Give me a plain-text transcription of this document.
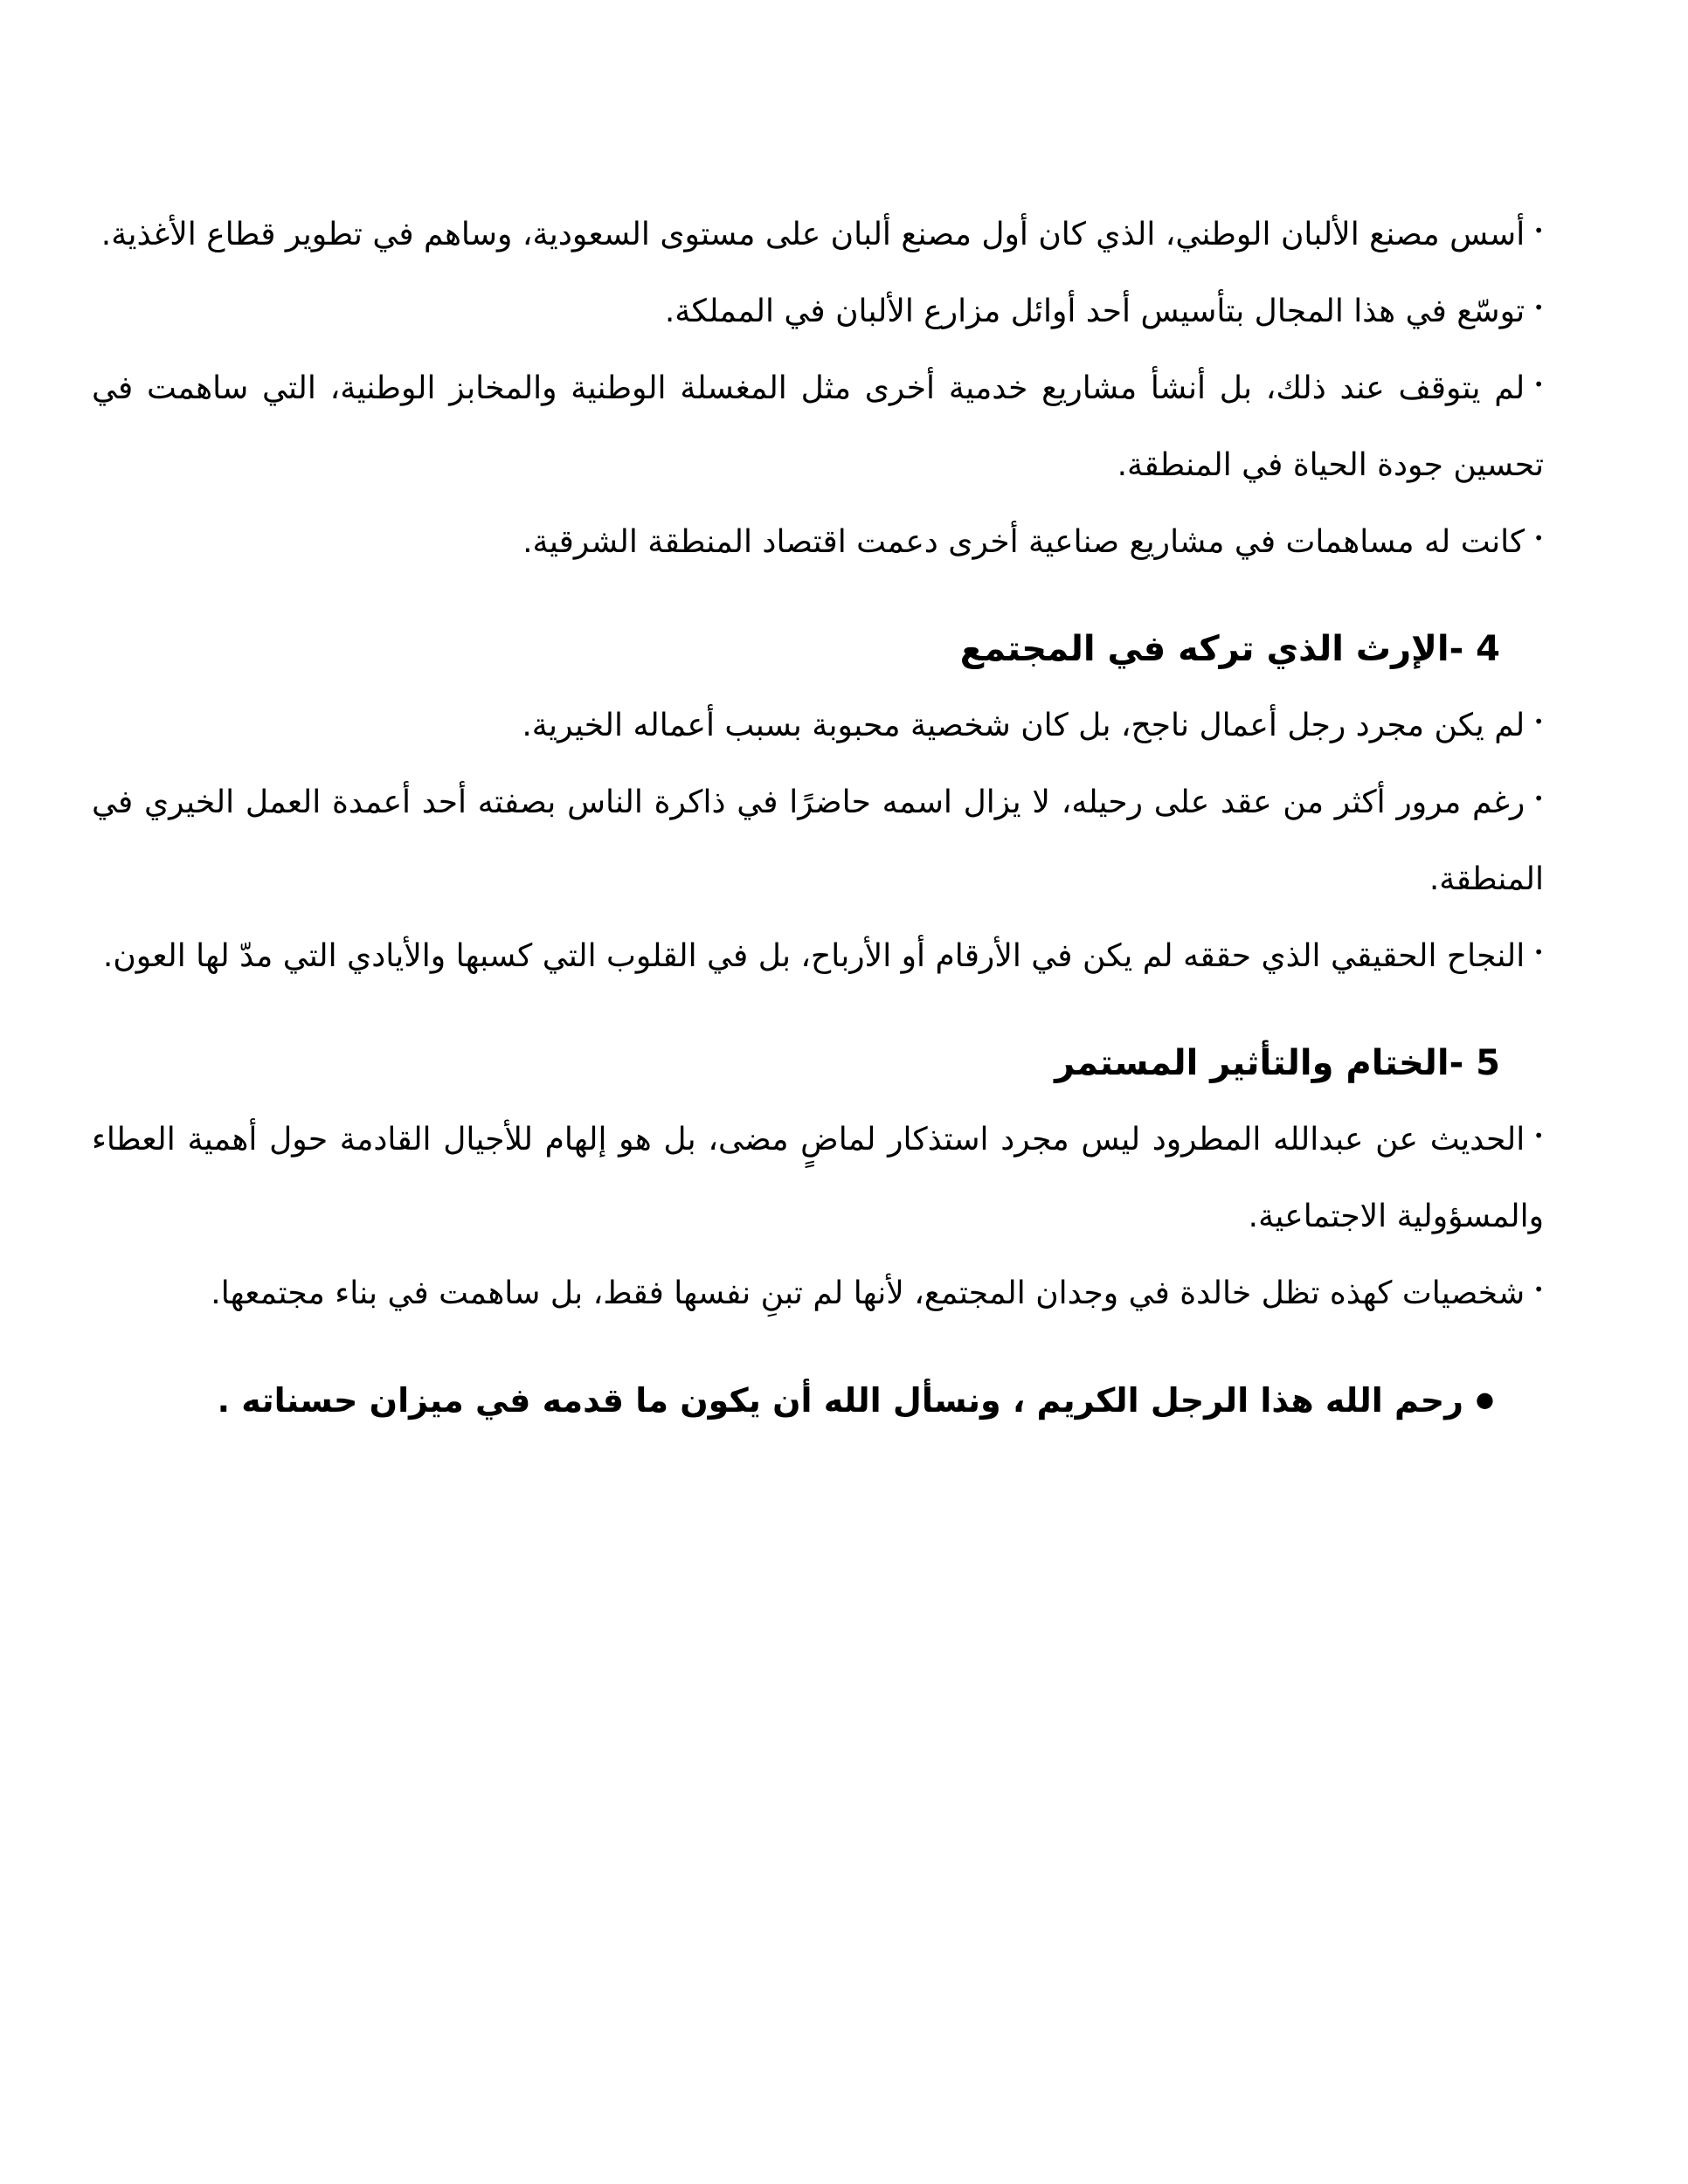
•أسس مصنع الألبان الوطني، الذي كان أول مصنع ألبان على مستوى السعودية، وساهم في تطوير قطاع الأغذية.

•توسّع في هذا المجال بتأسيس أحد أوائل مزارع الألبان في المملكة.

•لم يتوقف عند ذلك، بل أنشأ مشاريع خدمية أخرى مثل المغسلة الوطنية والمخابز الوطنية، التي ساهمت في تحسين جودة الحياة في المنطقة.

•كانت له مساهمات في مشاريع صناعية أخرى دعمت اقتصاد المنطقة الشرقية.

4 -الإرث الذي تركه في المجتمع

•لم يكن مجرد رجل أعمال ناجح، بل كان شخصية محبوبة بسبب أعماله الخيرية.

•رغم مرور أكثر من عقد على رحيله، لا يزال اسمه حاضرًا في ذاكرة الناس بصفته أحد أعمدة العمل الخيري في المنطقة.

•النجاح الحقيقي الذي حققه لم يكن في الأرقام أو الأرباح، بل في القلوب التي كسبها والأيادي التي مدّ لها العون.

5 -الختام والتأثير المستمر

•الحديث عن عبدالله المطرود ليس مجرد استذكار لماضٍ مضى، بل هو إلهام للأجيال القادمة حول أهمية العطاء والمسؤولية الاجتماعية.

•شخصيات كهذه تظل خالدة في وجدان المجتمع، لأنها لم تبنِ نفسها فقط، بل ساهمت في بناء مجتمعها.

●رحم الله هذا الرجل الكريم ، ونسأل الله أن يكون ما قدمه في ميزان حسناته .
